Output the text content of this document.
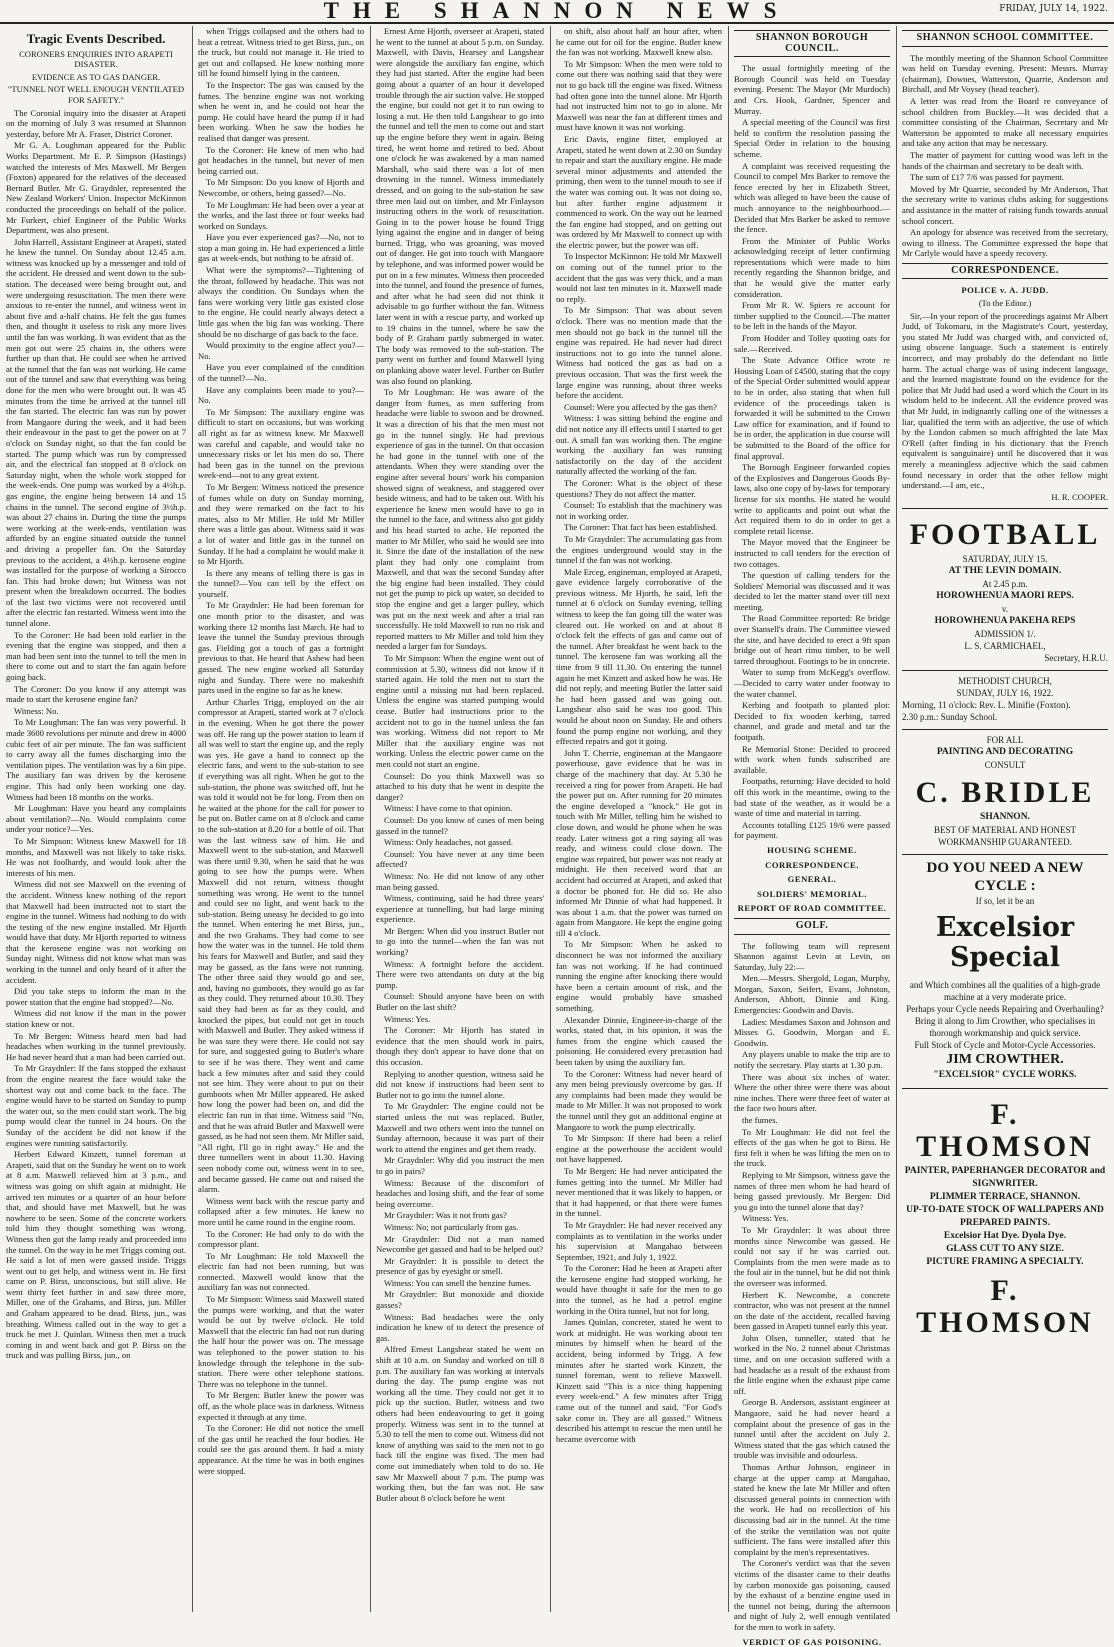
THE SHANNON NEWS	FRIDAY, JULY 14, 1922.
Tragic Events Described.
CORONERS ENQUIRIES INTO ARAPETI DISASTER.
EVIDENCE AS TO GAS DANGER.
"TUNNEL NOT WELL ENOUGH VENTILATED FOR SAFETY."

The Coronial inquiry into the disaster at Arapeti on the morning of July 3 was resumed at Shannon yesterday, before Mr A. Fraser, District Coroner.

Mr G. A. Loughman appeared for the Public Works Department. Mr E. P. Simpson (Hastings) watched the interests of Mrs Maxwell. Mr Bergen (Foxton) appeared for the relatives of the deceased Bernard Butler. Mr G. Graydnler, represented the New Zealand Workers' Union. Inspector McKinnon conducted the proceedings on behalf of the police. Mr Furkert, chief Engineer of the Public Works Department, was also present.

John Harrell, Assistant Engineer at Arapeti, stated he knew the tunnel. On Sunday about 12.45 a.m. witness was knocked up by a messenger and told of the accident. He dressed and went down to the sub-station. The deceased were being brought out, and were undergoing resuscitation. The men there were anxious to re-enter the tunnel, and witness went in about five and a-half chains. He felt the gas fumes then, and thought it useless to risk any more lives until the fan was working. It was evident that as the men got out were 25 chains in, the others were further up than that. He could see when he arrived at the tunnel that the fan was not working. He came out of the tunnel and saw that everything was being done for the men who were brought out. It was 45 minutes from the time he arrived at the tunnel till the fan started. The electric fan was run by power from Mangaore during the week, and it had been their endeavour in the past to get the power on at 7 o'clock on Sunday night, so that the fan could be started. The pump which was run by compressed air, and the electrical fan stopped at 8 o'clock on Saturday night, when the whole work stopped for the week-ends. One pump was worked by a 4½h.p. gas engine, the engine being between 14 and 15 chains in the tunnel. The second engine of 3½h.p. was about 27 chains in. During the time the pumps were working at the week-ends, ventilation was afforded by an engine situated outside the tunnel and driving a propeller fan. On the Saturday previous to the accident, a 4½h.p. kerosene engine was installed for the purpose of working a Sirocco fan. This had broke down; but Witness was not present when the breakdown occurred. The bodies of the last two victims were not recovered until after the electric fan restarted. Witness went into the tunnel alone.

To the Coroner: He had been told earlier in the evening that the engine was stopped, and then a man had been sent into the tunnel to tell the men in there to come out and to start the fan again before going back.

The Coroner: Do you know if any attempt was made to start the kerosene engine fan?

Witness: No.

To Mr Loughman: The fan was very powerful. It made 3600 revolutions per minute and drew in 4000 cubic feet of air per minute. The fan was sufficient to carry away all the fumes discharging into the ventilation pipes. The ventilation was by a 6in pipe. The auxiliary fan was driven by the kerosene engine. This had only been working one day. Witness had been 18 months on the works.

Mr Loughman: Have you heard any complaints about ventilation?—No. Would complaints come under your notice?—Yes.

To Mr Simpson: Witness knew Maxwell for 18 months, and Maxwell was not likely to take risks. He was not foolhardy, and would look after the interests of his men.

Witness did not see Maxwell on the evening of the accident. Witness knew nothing of the report that Maxwell had been instructed not to start the engine in the tunnel. Witness had nothing to do with the testing of the new engine installed. Mr Hjorth would have that duty. Mr Hjorth reported to witness that the kerosene engine was not working on Sunday night. Witness did not know what man was working in the tunnel and only heard of it after the accident.

Did you take steps to inform the man in the power station that the engine had stopped?—No.

Witness did not know if the man in the power station knew or not.

To Mr Bergen: Witness heard men had had headaches when working in the tunnel previously. He had never heard that a man had been carried out.

To Mr Graydnler: If the fans stopped the exhaust from the engine nearest the face would take the shortest way out and come back to the face. The engine would have to be started on Sunday to pump the water out, so the men could start work. The big pump would clear the tunnel in 24 hours. On the Sunday of the accident he did not know if the engines were running satisfactorily.

Herbert Edward Kinzett, tunnel foreman at Arapeti, said that on the Sunday he went on to work at 8 a.m. Maxwell relieved him at 3 p.m., and witness was going on shift again at midnight. He arrived ten minutes or a quarter of an hour before that, and should have met Maxwell, but he was nowhere to be seen. Some of the concrete workers told him they thought something was wrong. Witness then got the lamp ready and proceeded into the tunnel. On the way in he met Triggs coming out. He said a lot of men were gassed inside. Triggs went out to get help, and witness went in. He first came on P. Birss, unconscious, but still alive. He went thirty feet further in and saw three more, Miller, one of the Grahams, and Birss, jun. Miller and Graham appeared to be dead. Birss, jun., was breathing. Witness called out in the way to get a truck he met J. Quinlan. Witness then met a truck coming in and went back and got P. Birss on the truck and was pulling Birss, jun., on

when Triggs collapsed and the others had to beat a retreat. Witness tried to get Birss, jun., on the truck, but could not manage it. He tried to get out and collapsed. He knew nothing more till he found himself lying in the canteen.

To the Inspector: The gas was caused by the fumes. The benzine engine was not working when he went in, and he could not hear the pump. He could have heard the pump if it had been working. When he saw the bodies he realised that danger was present.

To the Coroner: He knew of men who had got headaches in the tunnel, but never of men being carried out.

To Mr Simpson: Do you know of Hjorth and Newcombe, or others, being gassed?—No.

To Mr Loughman: He had been over a year at the works, and the last three or four weeks had worked on Sundays.

Have you ever experienced gas?—No, not to stop a man going in. He had experienced a little gas at week-ends, but nothing to be afraid of.

What were the symptoms?—Tightening of the throat, followed by headache. This was not always the condition. On Sundays when the fans were working very little gas existed close to the engine. He could nearly always detect a little gas when the big fan was working. There should be no discharge of gas back to the face.

Would proximity to the engine affect you?—No.

Have you ever complained of the condition of the tunnel?—No.

Have any complaints been made to you?—No.

To Mr Simpson: The auxiliary engine was difficult to start on occasions, but was working all right as far as witness knew. Mr Maxwell was careful and capable, and would take no unnecessary risks or let his men do so. There had been gas in the tunnel on the previous week-end—not to any great extent.

To Mr Bergen: Witness noticed the presence of fumes while on duty on Sunday morning, and they were remarked on the fact to his mates, also to Mr Miller. He told Mr Miller there was a little gas about. Witness said it was a lot of water and little gas in the tunnel on Sunday. If he had a complaint he would make it to Mr Hjorth.

Is there any means of telling there is gas in the tunnel?—You can tell by the effect on yourself.

To Mr Graydnler: He had been foreman for one month prior to the disaster, and was working there 12 months last March. He had to leave the tunnel the Sunday previous through gas. Fielding got a touch of gas a fortnight previous to that. He heard that Ashew had been gassed. The new engine worked all Saturday night and Sunday. There were no makeshift parts used in the engine so far as he knew.

Arthur Charles Trigg, employed on the air compressor at Arapeti, started work at 7 o'clock in the evening. When he got there the power was off. He rang up the power station to learn if all was well to start the engine up, and the reply was yes. He gave a hand to connect up the electric fans, and went to the sub-station to see if everything was all right. When he got to the sub-station, the phone was switched off, but he was told it would not be for long. From then on he waited at the phone for the call for power to be put on. Butler came on at 8 o'clock and came to the sub-station at 8.20 for a bottle of oil. That was the last witness saw of him. He and Maxwell went to the sub-station, and Maxwell was there until 9.30, when he said that he was going to see how the pumps were. When Maxwell did not return, witness thought something was wrong. He went to the tunnel and could see no light, and went back to the sub-station. Being uneasy he decided to go into the tunnel. When entering he met Birss, jun., and the two Grahams. They had come to see how the water was in the tunnel. He told them his fears for Maxwell and Butler, and said they may be gassed, as the fans were not running. The other three said they would go and see, and, having no gumboots, they would go as far as they could. They returned about 10.30. They said they had been as far as they could, and knocked the pipes, but could not get in touch with Maxwell and Butler. They asked witness if he was sure they were there. He could not say for sure, and suggested going to Butler's whare to see if he was there. They went and came back a few minutes after and said they could not see him. They were about to put on their gumboots when Mr Miller appeared. He asked how long the power had been on, and did the electric fan run in that time. Witness said "No, and that he was afraid Butler and Maxwell were gassed, as he had not seen them. Mr Miller said, "All right, I'll go in right away." He and the three tunnellers went in about 11.30. Having seen nobody come out, witness went in to see, and became gassed. He came out and raised the alarm.

Witness went back with the rescue party and collapsed after a few minutes. He knew no more until he came round in the engine room.

To the Coroner: He had only to do with the compressor plant.

To Mr Loughman: He told Maxwell the electric fan had not been running, but was connected. Maxwell would know that the auxiliary fan was not connected.

To Mr Simpson: Witness said Maxwell stated the pumps were working, and that the water would be out by twelve o'clock. He told Maxwell that the electric fan had not run during the half hour the power was on. The message was telephoned to the power station to his knowledge through the telephone in the sub-station. There were other telephone stations. There was no telephone in the tunnel.

To Mr Bergen: Butler knew the power was off, as the whole place was in darkness. Witness expected it through at any time.

To the Coroner: He did not notice the smell of the gas until he reached the four bodies. He could see the gas around them. It had a misty appearance. At the time he was in both engines were stopped.

Ernest Arne Hjorth, overseer at Arapeti, stated he went to the tunnel at about 5 p.m. on Sunday. Maxwell, with Davis, Hearsey and Langshear were alongside the auxiliary fan engine, which they had just started. After the engine had been going about a quarter of an hour it developed trouble through the air suction valve. He stopped the engine, but could not get it to run owing to losing a nut. He then told Langshear to go into the tunnel and tell the men to come out and start up the engine before they went in again. Being tired, he went home and retired to bed. About one o'clock he was awakened by a man named Marshall, who said there was a lot of men drowning in the tunnel. Witness immediately dressed, and on going to the sub-station he saw three men laid out on timber, and Mr Finlayson instructing others in the work of resuscitation. Going in to the power house he found Trigg lying against the engine and in danger of being burned. Trigg, who was groaning, was moved out of danger. He got into touch with Mangaore by telephone, and was informed power would be put on in a few minutes. Witness then proceeded into the tunnel, and found the presence of fumes, and after what he had seen did not think it advisable to go further without the fan. Witness later went in with a rescue party, and worked up to 19 chains in the tunnel, where he saw the body of P. Graham partly submerged in water. The body was removed to the sub-station. The party went on further and found Maxwell lying on planking above water level. Further on Butler was also found on planking.

To Mr Loughman: He was aware of the danger from fumes, as men suffering from headache were liable to swoon and be drowned. It was a direction of his that the men must not go in the tunnel singly. He had previous experience of gas in the tunnel. On that occasion he had gone in the tunnel with one of the attendants. When they were standing over the engine after several hours' work his companion showed signs of weakness, and staggered over beside witness, and had to be taken out. With his experience he knew men would have to go in the tunnel to the face, and witness also got giddy and his head started to ache. He reported the matter to Mr Miller, who said he would see into it. Since the date of the installation of the new plant they had only one complaint from Maxwell, and that was the second Sunday after the big engine had been installed. They could not get the pump to pick up water, so decided to stop the engine and get a larger pulley, which was put on the next week and after a trial ran successfully. He told Maxwell to run no risk and reported matters to Mr Miller and told him they needed a larger fan for Sundays.

To Mr Simpson: When the engine went out of commission at 5.30, witness did not know if it started again. He told the men not to start the engine until a missing nut had been replaced. Unless the engine was started pumping would cease. Butler had instructions prior to the accident not to go in the tunnel unless the fan was working. Witness did not report to Mr Miller that the auxiliary engine was not working. Unless the electric power came on the men could not start an engine.

Counsel: Do you think Maxwell was so attached to his duty that he went in despite the danger?

Witness: I have come to that opinion.

Counsel: Do you know of cases of men being gassed in the tunnel?

Witness: Only headaches, not gassed.

Counsel: You have never at any time been affected?

Witness: No. He did not know of any other man being gassed.

Witness, continuing, said he had three years' experience at tunnelling, but had large mining experience.

Mr Bergen: When did you instruct Butler not to go into the tunnel—when the fan was not working?

Witness: A fortnight before the accident. There were two attendants on duty at the big pump.

Counsel: Should anyone have been on with Butler on the last shift?

Witness: Yes.

The Coroner: Mr Hjorth has stated in evidence that the men should work in pairs, though they don't appear to have done that on this occasion.

Replying to another question, witness said he did not know if instructions had been sent to Butler not to go into the tunnel alone.

To Mr Graydnler: The engine could not be started unless the nut was replaced. Butler, Maxwell and two others went into the tunnel on Sunday afternoon, because it was part of their work to attend the engines and get them ready.

Mr Graydnler: Why did you instruct the men to go in pairs?

Witness: Because of the discomfort of headaches and losing shift, and the fear of some being overcome.

Mr Graydnler: Was it not from gas?

Witness: No; not particularly from gas.

Mr Graydnler: Did not a man named Newcombe get gassed and had to be helped out?

Mr Graydnler: It is possible to detect the presence of gas by eyesight or smell.

Witness: You can smell the benzine fumes.

Mr Graydnler: But monoxide and dioxide gasses?

Witness: Bad headaches were the only indication he knew of to detect the presence of gas.

Alfred Ernest Langshear stated he went on shift at 10 a.m. on Sunday and worked on till 8 p.m. The auxiliary fan was working at intervals during the day. The pump engine was not working all the time. They could not get it to pick up the suction. Butler, witness and two others had been endeavouring to get it going properly. Witness was sent in to the tunnel at 5.30 to tell the men to come out. Witness did not know of anything was said to the men not to go back till the engine was fixed. The men had come out immediately when told to do so. He saw Mr Maxwell about 7 p.m. The pump was working then, but the fan was not. He saw Butler about 8 o'clock before he went

on shift, also about half an hour after, when he came out for oil for the engine. Butler knew the fan was not working. Maxwell knew also.

To Mr Simpson: When the men were told to come out there was nothing said that they were not to go back till the engine was fixed. Witness had often gone into the tunnel alone. Mr Hjorth had not instructed him not to go in alone. Mr Maxwell was near the fan at different times and must have known it was not working.

Eric Davis, engine fitter, employed at Arapeti, stated he went down at 2.30 on Sunday to repair and start the auxiliary engine. He made several minor adjustments and attended the priming, then went to the tunnel mouth to see if the water was coming out. It was not doing so, but after further engine adjustment it commenced to work. On the way out he learned the fan engine had stopped, and on getting out was ordered by Mr Maxwell to connect up with the electric power, but the power was off.

To Inspector McKinnon: He told Mr Maxwell on coming out of the tunnel prior to the accident that the gas was very thick, and a man would not last ten minutes in it. Maxwell made no reply.

To Mr Simpson: That was about seven o'clock. There was no mention made that the men should not go back in the tunnel till the engine was repaired. He had never had direct instructions not to go into the tunnel alone. Witness had noticed the gas as bad on a previous occasion. That was the first week the large engine was running, about three weeks before the accident.

Counsel: Were you affected by the gas then?

Witness: I was sitting behind the engine and did not notice any ill effects until I started to get out. A small fan was working then. The engine working the auxiliary fan was running satisfactorily on the day of the accident naturally affected the working of the fan.

The Coroner: What is the object of these questions? They do not affect the matter.

Counsel: To establish that the machinery was not in working order.

The Coroner: That fact has been established.

To Mr Graydnler: The accumulating gas from the engines underground would stay in the tunnel if the fan was not working.

Male Erceg, engineman, employed at Arapeti, gave evidence largely corroborative of the previous witness. Mr Hjorth, he said, left the tunnel at 6 o'clock on Sunday evening, telling witness to keep the fan going till the water was cleared out. He worked on and at about 8 o'clock felt the effects of gas and came out of the tunnel. After breakfast he went back to the tunnel. The kerosene fan was working all the time from 9 till 11.30. On entering the tunnel again he met Kinzett and asked how he was. He did not reply, and meeting Butler the latter said he had been gassed and was going out. Langshear also said he was too good. This would be about noon on Sunday. He and others found the pump engine not working, and they effected repairs and got it going.

John T. Cherrie, engineman at the Mangaore powerhouse, gave evidence that he was in charge of the machinery that day. At 5.30 he received a ring for power from Arapeti. He had the power put on. After running for 20 minutes the engine developed a "knock." He got in touch with Mr Miller, telling him he wished to close down, and would he phone when he was ready. Later witness got a ring saying all was ready, and witness could close down. The engine was repaired, but power was not ready at midnight. He then received word that an accident had occurred at Arapeti, and asked that a doctor be phoned for. He did so. He also informed Mr Dinnie of what had happened. It was about 1 a.m. that the power was turned on again from Mangaore. He kept the engine going till 4 o'clock.

To Mr Simpson: When he asked to disconnect he was not informed the auxiliary fan was not working. If he had continued running the engine after knocking there would have been a certain amount of risk, and the engine would probably have smashed something.

Alexander Dinnie, Engineer-in-charge of the works, stated that, in his opinion, it was the fumes from the engine which caused the poisoning. He considered every precaution had been taken by using the auxiliary fan.

To the Coroner: Witness had never heard of any men being previously overcome by gas. If any complaints had been made they would be made to Mr Miller. It was not proposed to work the tunnel until they got an additional engine at Mangaore to work the pump electrically.

To Mr Simpson: If there had been a relief engine at the powerhouse the accident would not have happened.

To Mr Bergen: He had never anticipated the fumes getting into the tunnel. Mr Miller had never mentioned that it was likely to happen, or that it had happened, or that there were fumes in the tunnel.

To Mr Graydnler: He had never received any complaints as to ventilation in the works under his supervision at Mangahao between September, 1921, and July 1, 1922.

To the Coroner: Had he been at Arapeti after the kerosene engine had stopped working, he would have thought it safe for the men to go into the tunnel, as he had a petrol engine working in the Otira tunnel, but not for long.

James Quinlan, concreter, stated he went to work at midnight. He was working about ten minutes by himself when he heard of the accident, being informed by Trigg. A few minutes after he started work Kinzett, the tunnel foreman, went to relieve Maxwell. Kinzett said "This is a nice thing happening every week-end." A few minutes after Trigg came out of the tunnel and said, "For God's sake come in. They are all gassed." Witness described his attempt to rescue the men until he became overcome with

SHANNON BOROUGH COUNCIL.

The usual fortnightly meeting of the Borough Council was held on Tuesday evening. Present: The Mayor (Mr Murdoch) and Crs. Hook, Gardner, Spencer and Murray.

A special meeting of the Council was first held to confirm the resolution passing the Special Order in relation to the housing scheme.

A complaint was received requesting the Council to compel Mrs Barker to remove the fence erected by her in Elizabeth Street, which was alleged to have been the cause of much annoyance to the neighbourhood.—Decided that Mrs Barker be asked to remove the fence.

From the Minister of Public Works acknowledging receipt of letter confirming representations which were made to him recently regarding the Shannon bridge, and that he would give the matter early consideration.

From Mr R. W. Spiers re account for timber supplied to the Council.—The matter to be left in the hands of the Mayor.

From Hodder and Tolley quoting oats for sale.—Received.

The State Advance Office wrote re Housing Loan of £4500, stating that the copy of the Special Order submitted would appear to be in order, also stating that when full evidence of the proceedings taken is forwarded it will be submitted to the Crown Law office for examination, and if found to be in order, the application in due course will be submitted to the Board of the office for final approval.

The Borough Engineer forwarded copies of the Explosives and Dangerous Goods By-laws, also one copy of by-laws for temporary license for six months. He stated he would write to applicants and point out what the Act required them to do in order to get a complete retail license.

The Mayor moved that the Engineer be instructed to call tenders for the erection of two cottages.

The question of calling tenders for the Soldiers' Memorial was discussed and it was decided to let the matter stand over till next meeting.

The Road Committee reported: Re bridge over Stansell's drain. The Committee viewed the site, and have decided to erect a 9ft span bridge out of heart rimu timber, to be well tarred throughout. Footings to be in concrete.

Water to sump from McKegg's overflow.—Decided to carry water under footway to the water channel.

Kerbing and footpath to planted plot: Decided to fix wooden kerbing, tarred channel, and grade and metal and tar the footpath.

Re Memorial Stone: Decided to proceed with work when funds subscribed are available.

Footpaths, returning: Have decided to hold off this work in the meantime, owing to the bad state of the weather, as it would be a waste of time and material in tarring.

Accounts totalling £125 19/6 were passed for payment.

HOUSING SCHEME.
CORRESPONDENCE.
GENERAL.
SOLDIERS' MEMORIAL.
REPORT OF ROAD COMMITTEE.
GOLF.

The following team will represent Shannon against Levin at Levin, on Saturday, July 22:—

Men.—Messrs. Shergold, Logan, Murphy, Morgan, Saxon, Seifert, Evans, Johnston, Anderson, Abbott, Dinnie and King. Emergencies: Goodwin and Davis.

Ladies: Mesdames Saxon and Johnson and Misses G. Goodwin, Morgan and E. Goodwin.

Any players unable to make the trip are to notify the secretary. Play starts at 1.30 p.m.

There was about six inches of water. Where the other three were there was about nine inches. There were three feet of water at the face two hours after.

the fumes.

To Mr Loughman: He did not feel the effects of the gas when he got to Birss. He first felt it when he was lifting the men on to the truck.

Replying to Mr Simpson, witness gave the names of three men whom he had heard of being gassed previously. Mr Bergen: Did you go into the tunnel alone that day?

Witness: Yes.

To Mr Graydnler: It was about three months since Newcombe was gassed. He could not say if he was carried out. Complaints from the men were made as to the foul air in the tunnel, but he did not think the overseer was informed.

Herbert K. Newcombe, a concrete contractor, who was not present at the tunnel on the date of the accident, recalled having been gassed in Arapeti tunnel early this year.

John Olsen, tunneller, stated that he worked in the No. 2 tunnel about Christmas time, and on one occasion suffered with a bad headache as a result of the exhaust from the little engine when the exhaust pipe came off.

George B. Anderson, assistant engineer at Mangaore, said he had never heard a complaint about the presence of gas in the tunnel until after the accident on July 2. Witness stated that the gas which caused the trouble was invisible and odourless.

Thomas Arthur Johnson, engineer in charge at the upper camp at Mangahao, stated he knew the late Mr Miller and often discussed general points in connection with the work. He had no recollection of his discussing bad air in the tunnel. At the time of the strike the ventilation was not quite sufficient. The fans were installed after this complaint by the men's representatives.

The Coroner's verdict was that the seven victims of the disaster came to their deaths by carbon monoxide gas poisoning, caused by the exhaust of a benzine engine used in the tunnel not being, during the afternoon and night of July 2, well enough ventilated for the men to work in safety.

VERDICT OF GAS POISONING.
SHANNON SCHOOL COMMITTEE.

The monthly meeting of the Shannon School Committee was held on Tuesday evening. Present: Messrs. Murray (chairman), Downes, Watterston, Quarrie, Anderson and Birchall, and Mr Voysey (head teacher).

A letter was read from the Board re conveyance of school children from Buckley.—It was decided that a committee consisting of the Chairman, Secretary and Mr Watterston be appointed to make all necessary enquiries and take any action that may be necessary.

The matter of payment for cutting wood was left in the hands of the chairman and secretary to be dealt with.

The sum of £17 7/6 was passed for payment.

Moved by Mr Quarrie, seconded by Mr Anderson, That the secretary write to various clubs asking for suggestions and assistance in the matter of raising funds towards annual school concert.

An apology for absence was received from the secretary, owing to illness. The Committee expressed the hope that Mr Carlyle would have a speedy recovery.

CORRESPONDENCE.
POLICE v. A. JUDD.
(To the Editor.)

Sir,—In your report of the proceedings against Mr Albert Judd, of Tokomaru, in the Magistrate's Court, yesterday, you stated Mr Judd was charged with, and convicted of, using obscene language. Such a statement is entirely incorrect, and may probably do the defendant no little harm. The actual charge was of using indecent language, and the learned magistrate found on the evidence for the police that Mr Judd had used a word which the Court in its wisdom held to be indecent. All the evidence proved was that Mr Judd, in indignantly calling one of the witnesses a liar, qualified the term with an adjective, the use of which by the London cabmen so much affrighted the late Max O'Rell (after finding in his dictionary that the French equivalent is sanguinaire) until he discovered that it was merely a meaningless adjective which the said cabmen found necessary in order that the other fellow might understand.—I am, etc.,

H. R. COOPER.
FOOTBALL
SATURDAY, JULY 15.
AT THE LEVIN DOMAIN.
At 2.45 p.m.
HOROWHENUA MAORI REPS.
v.
HOROWHENUA PAKEHA REPS
ADMISSION 1/.
L. S. CARMICHAEL,
Secretary, H.R.U.
METHODIST CHURCH,
SUNDAY, JULY 16, 1922.
Morning, 11 o'clock: Rev. L. Minifie (Foxton).
2.30 p.m.: Sunday School.
FOR ALL
PAINTING AND DECORATING
CONSULT
C. BRIDLE
SHANNON.
BEST OF MATERIAL AND HONEST WORKMANSHIP GUARANTEED.
DO YOU NEED A NEW CYCLE :
If so, let it be an
Excelsior Special
and Which combines all the qualities of a high-grade machine at a very moderate price.
Perhaps your Cycle needs Repairing and Overhauling? Bring it along to Jim Crowther, who specialises in thorough workmanship and quick service.
Full Stock of Cycle and Motor-Cycle Accessories.
JIM CROWTHER.
"EXCELSIOR" CYCLE WORKS.
F. THOMSON
PAINTER, PAPERHANGER DECORATOR and SIGNWRITER.
PLIMMER TERRACE, SHANNON.
UP-TO-DATE STOCK OF WALLPAPERS AND PREPARED PAINTS.
Excelsior Hat Dye. Dyola Dye.
GLASS CUT TO ANY SIZE.
PICTURE FRAMING A SPECIALTY.
F. THOMSON
